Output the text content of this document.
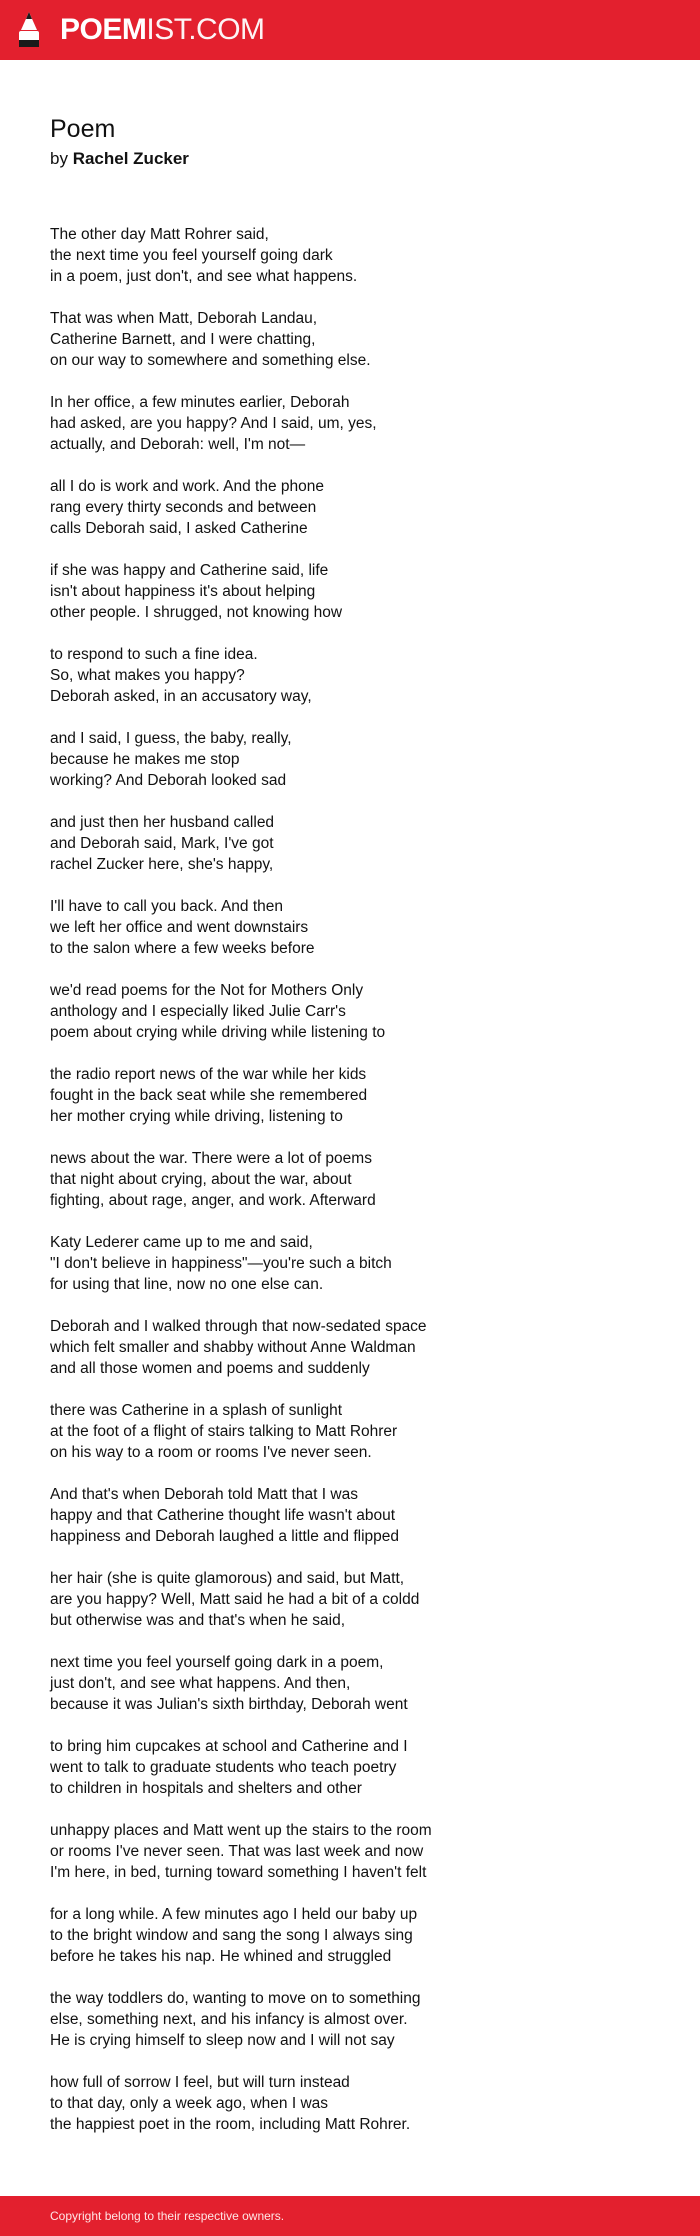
POEMIST.COM
Poem
by Rachel Zucker
The other day Matt Rohrer said,
the next time you feel yourself going dark
in a poem, just don't, and see what happens.
That was when Matt, Deborah Landau,
Catherine Barnett, and I were chatting,
on our way to somewhere and something else.
In her office, a few minutes earlier, Deborah
had asked, are you happy? And I said, um, yes,
actually, and Deborah: well, I'm not—
all I do is work and work. And the phone
rang every thirty seconds and between
calls Deborah said, I asked Catherine
if she was happy and Catherine said, life
isn't about happiness it's about helping
other people. I shrugged, not knowing how
to respond to such a fine idea.
So, what makes you happy?
Deborah asked, in an accusatory way,
and I said, I guess, the baby, really,
because he makes me stop
working? And Deborah looked sad
and just then her husband called
and Deborah said, Mark, I've got
rachel Zucker here, she's happy,
I'll have to call you back. And then
we left her office and went downstairs
to the salon where a few weeks before
we'd read poems for the Not for Mothers Only
anthology and I especially liked Julie Carr's
poem about crying while driving while listening to
the radio report news of the war while her kids
fought in the back seat while she remembered
her mother crying while driving, listening to
news about the war. There were a lot of poems
that night about crying, about the war, about
fighting, about rage, anger, and work. Afterward
Katy Lederer came up to me and said,
"I don't believe in happiness"—you're such a bitch
for using that line, now no one else can.
Deborah and I walked through that now-sedated space
which felt smaller and shabby without Anne Waldman
and all those women and poems and suddenly
there was Catherine in a splash of sunlight
at the foot of a flight of stairs talking to Matt Rohrer
on his way to a room or rooms I've never seen.
And that's when Deborah told Matt that I was
happy and that Catherine thought life wasn't about
happiness and Deborah laughed a little and flipped
her hair (she is quite glamorous) and said, but Matt,
are you happy? Well, Matt said he had a bit of a coldd
but otherwise was and that's when he said,
next time you feel yourself going dark in a poem,
just don't, and see what happens. And then,
because it was Julian's sixth birthday, Deborah went
to bring him cupcakes at school and Catherine and I
went to talk to graduate students who teach poetry
to children in hospitals and shelters and other
unhappy places and Matt went up the stairs to the room
or rooms I've never seen. That was last week and now
I'm here, in bed, turning toward something I haven't felt
for a long while. A few minutes ago I held our baby up
to the bright window and sang the song I always sing
before he takes his nap. He whined and struggled
the way toddlers do, wanting to move on to something
else, something next, and his infancy is almost over.
He is crying himself to sleep now and I will not say
how full of sorrow I feel, but will turn instead
to that day, only a week ago, when I was
the happiest poet in the room, including Matt Rohrer.
Copyright belong to their respective owners.
